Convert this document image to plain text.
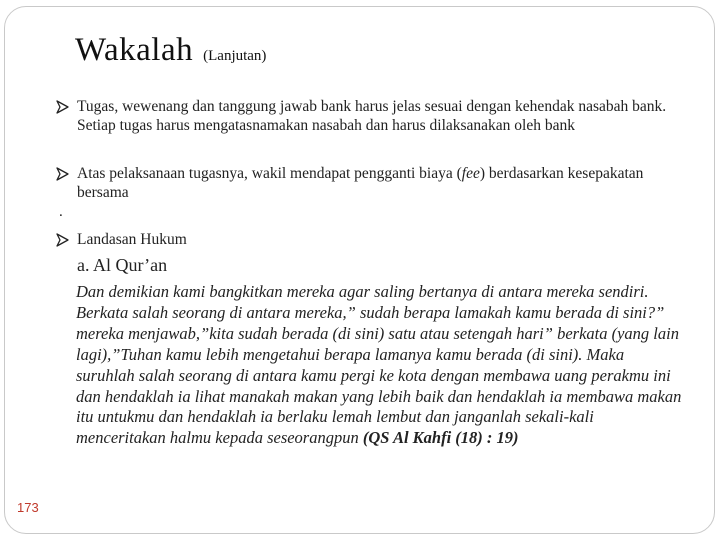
Wakalah (Lanjutan)
Tugas, wewenang dan tanggung jawab bank harus jelas sesuai dengan kehendak nasabah bank. Setiap tugas harus mengatasnamakan nasabah dan harus dilaksanakan oleh bank
Atas pelaksanaan tugasnya, wakil mendapat pengganti biaya (fee) berdasarkan kesepakatan bersama
.
Landasan Hukum
a. Al Qur’an
Dan demikian kami bangkitkan mereka agar saling bertanya di antara mereka sendiri. Berkata salah seorang di antara mereka,” sudah berapa lamakah kamu berada di sini?” mereka menjawab,”kita sudah berada (di sini) satu atau setengah hari” berkata (yang lain lagi),”Tuhan kamu lebih mengetahui berapa lamanya kamu berada (di sini). Maka suruhlah salah seorang di antara kamu pergi ke kota dengan membawa uang perakmu ini dan hendaklah ia lihat manakah makan yang lebih baik dan hendaklah ia membawa makan itu untukmu dan hendaklah ia berlaku lemah lembut dan janganlah sekali-kali menceritakan halmu kepada seseorangpun (QS Al Kahfi (18) : 19)
173
